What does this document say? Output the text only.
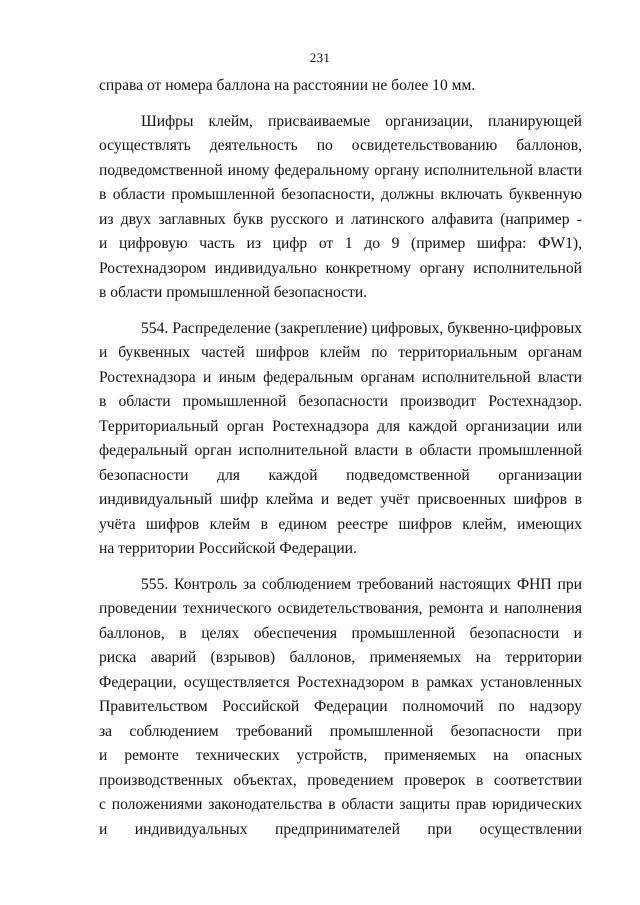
231
справа от номера баллона на расстоянии не более 10 мм.
Шифры клейм, присваиваемые организации, планирующей
осуществлять деятельность по освидетельствованию баллонов,
подведомственной иному федеральному органу исполнительной власти
в области промышленной безопасности, должны включать буквенную
из двух заглавных букв русского и латинского алфавита (например -
и цифровую часть из цифр от 1 до 9 (пример шифра: ФW1),
Ростехнадзором индивидуально конкретному органу исполнительной
в области промышленной безопасности.
554. Распределение (закрепление) цифровых, буквенно-цифровых
и буквенных частей шифров клейм по территориальным органам
Ростехнадзора и иным федеральным органам исполнительной власти
в области промышленной безопасности производит Ростехнадзор.
Территориальный орган Ростехнадзора для каждой организации или
федеральный орган исполнительной власти в области промышленной
безопасности для каждой подведомственной организации
индивидуальный шифр клейма и ведет учёт присвоенных шифров в
учёта шифров клейм в едином реестре шифров клейм, имеющих
на территории Российской Федерации.
555. Контроль за соблюдением требований настоящих ФНП при
проведении технического освидетельствования, ремонта и наполнения
баллонов, в целях обеспечения промышленной безопасности и
риска аварий (взрывов) баллонов, применяемых на территории
Федерации, осуществляется Ростехнадзором в рамках установленных
Правительством Российской Федерации полномочий по надзору
за соблюдением требований промышленной безопасности при
и ремонте технических устройств, применяемых на опасных
производственных объектах, проведением проверок в соответствии
с положениями законодательства в области защиты прав юридических
и индивидуальных предпринимателей при осуществлении
